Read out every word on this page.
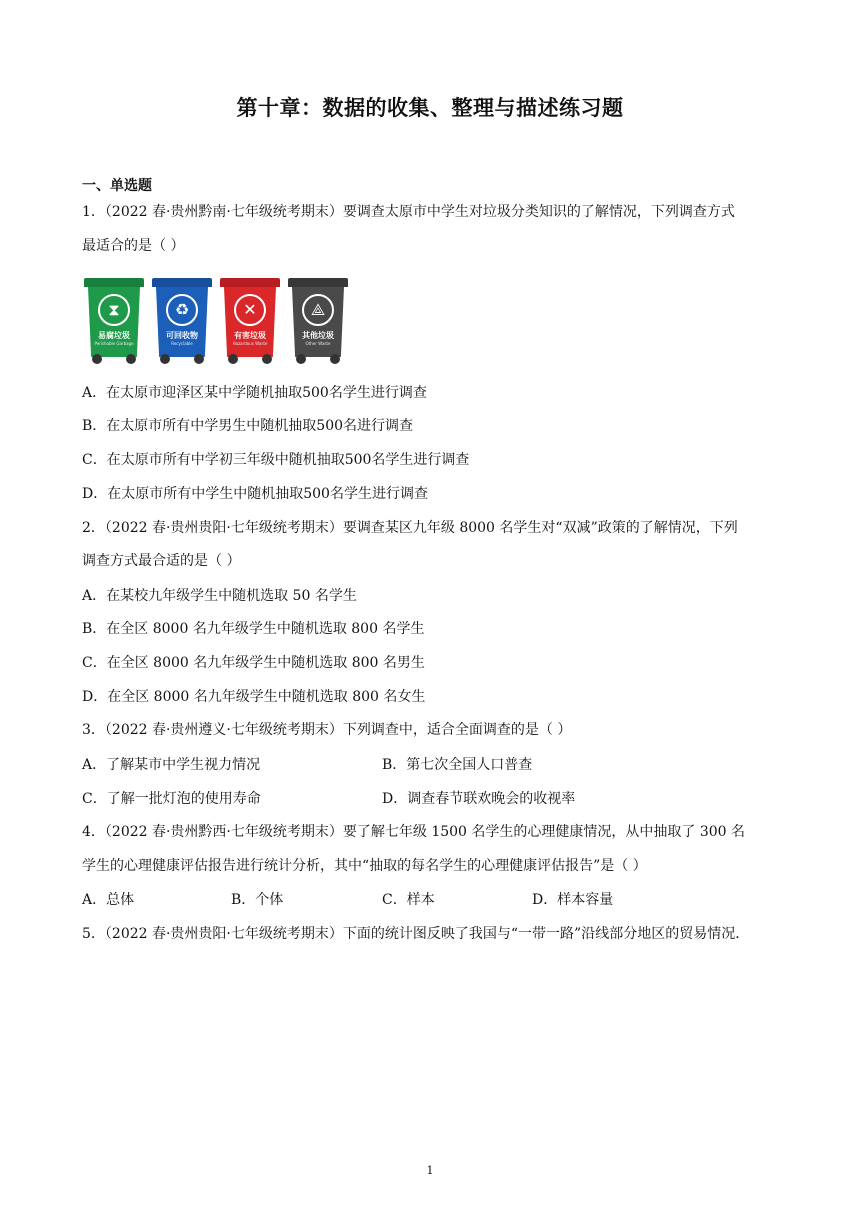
第十章：数据的收集、整理与描述练习题
一、单选题
1．（2022 春·贵州黔南·七年级统考期末）要调查太原市中学生对垃圾分类知识的了解情况，下列调查方式
最适合的是（ ）
⧗
易腐垃圾
Perishable Garbage
♻
可回收物
Recyclable
✕
有害垃圾
Hazardous Waste
⟁
其他垃圾
Other Waste
A．在太原市迎泽区某中学随机抽取500名学生进行调查
B．在太原市所有中学男生中随机抽取500名进行调查
C．在太原市所有中学初三年级中随机抽取500名学生进行调查
D．在太原市所有中学生中随机抽取500名学生进行调查
2．（2022 春·贵州贵阳·七年级统考期末）要调查某区九年级 8000 名学生对“双减”政策的了解情况，下列
调查方式最合适的是（ ）
A．在某校九年级学生中随机选取 50 名学生
B．在全区 8000 名九年级学生中随机选取 800 名学生
C．在全区 8000 名九年级学生中随机选取 800 名男生
D．在全区 8000 名九年级学生中随机选取 800 名女生
3．（2022 春·贵州遵义·七年级统考期末）下列调查中，适合全面调查的是（ ）
A．了解某市中学生视力情况	B．第七次全国人口普查
C．了解一批灯泡的使用寿命	D．调查春节联欢晚会的收视率
4．（2022 春·贵州黔西·七年级统考期末）要了解七年级 1500 名学生的心理健康情况，从中抽取了 300 名
学生的心理健康评估报告进行统计分析，其中“抽取的每名学生的心理健康评估报告”是（ ）
A．总体	B．个体	C．样本	D．样本容量
5．（2022 春·贵州贵阳·七年级统考期末）下面的统计图反映了我国与“一带一路”沿线部分地区的贸易情况．
1
